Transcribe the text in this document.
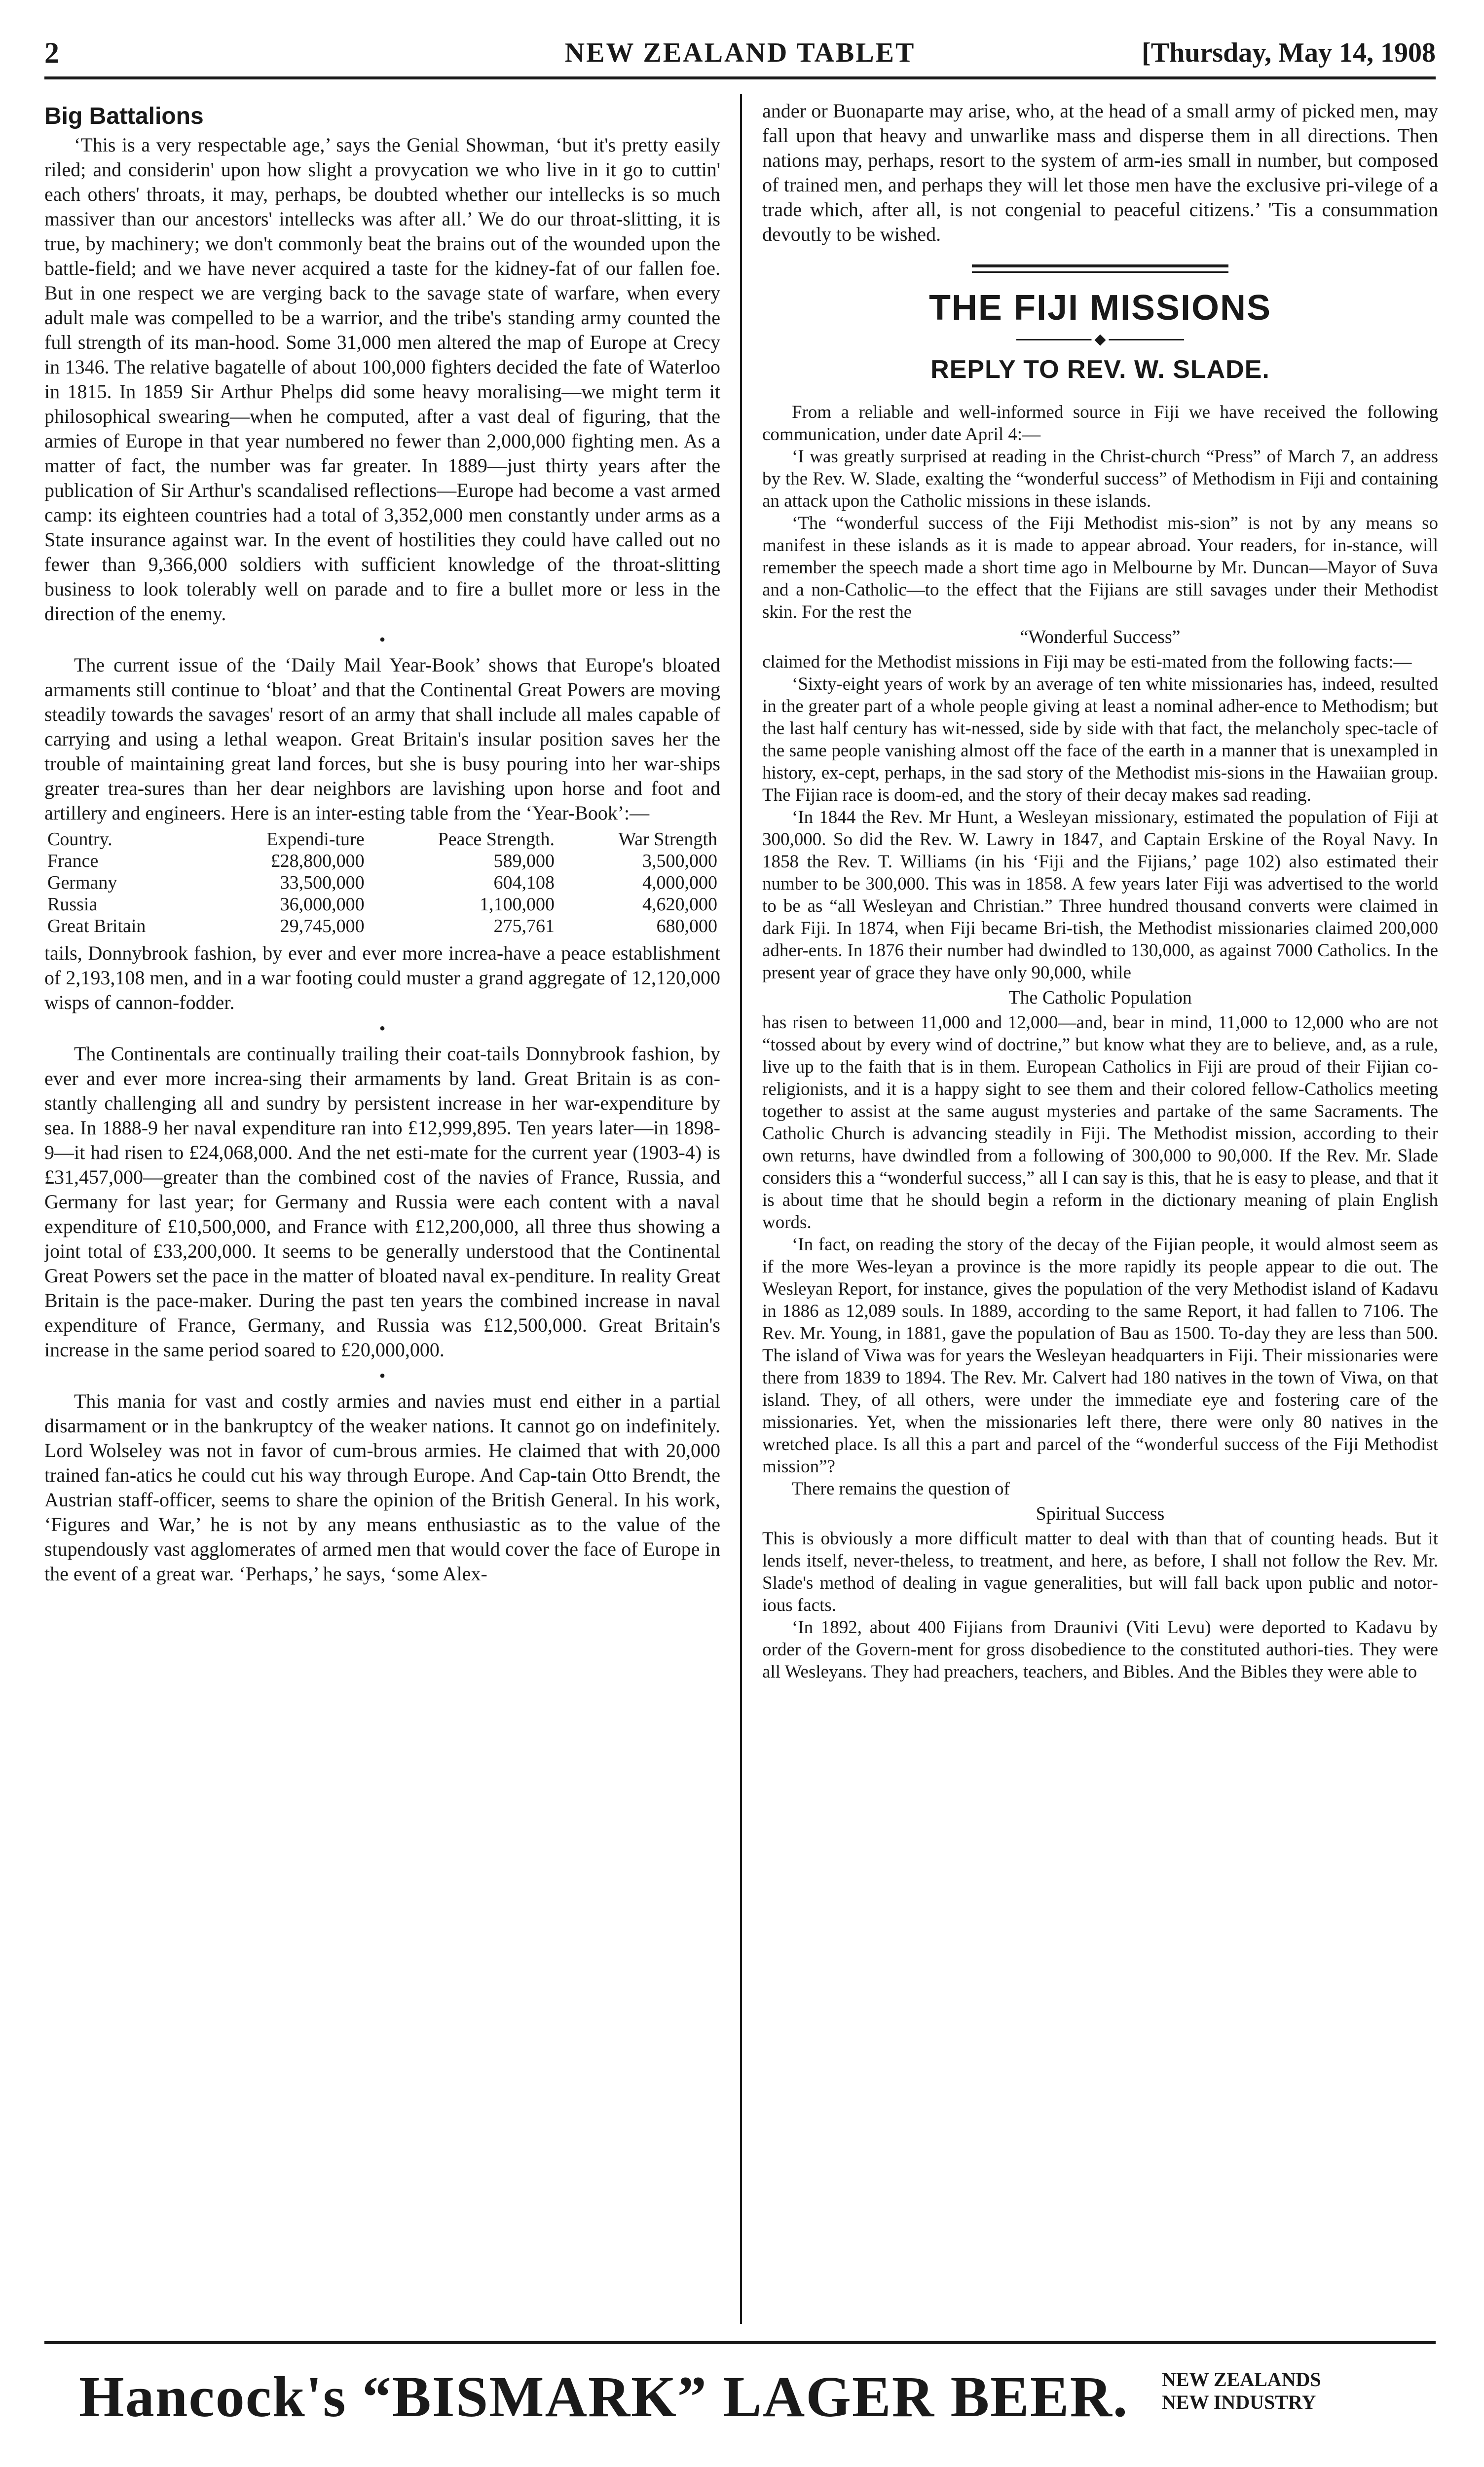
2	NEW ZEALAND TABLET	[Thursday, May 14, 1908
Big Battalions

‘This is a very respectable age,’ says the Genial Showman, ‘but it's pretty easily riled; and considerin' upon how slight a provycation we who live in it go to cuttin' each others' throats, it may, perhaps, be doubted whether our intellecks is so much massiver than our ancestors' intellecks was after all.’ We do our throat-slitting, it is true, by machinery; we don't commonly beat the brains out of the wounded upon the battle-field; and we have never acquired a taste for the kidney-fat of our fallen foe. But in one respect we are verging back to the savage state of warfare, when every adult male was compelled to be a warrior, and the tribe's standing army counted the full strength of its man-hood. Some 31,000 men altered the map of Europe at Crecy in 1346. The relative bagatelle of about 100,000 fighters decided the fate of Waterloo in 1815. In 1859 Sir Arthur Phelps did some heavy moralising—we might term it philosophical swearing—when he computed, after a vast deal of figuring, that the armies of Europe in that year numbered no fewer than 2,000,000 fighting men. As a matter of fact, the number was far greater. In 1889—just thirty years after the publication of Sir Arthur's scandalised reflections—Europe had become a vast armed camp: its eighteen countries had a total of 3,352,000 men constantly under arms as a State insurance against war. In the event of hostilities they could have called out no fewer than 9,366,000 soldiers with sufficient knowledge of the throat-slitting business to look tolerably well on parade and to fire a bullet more or less in the direction of the enemy.

•

The current issue of the ‘Daily Mail Year-Book’ shows that Europe's bloated armaments still continue to ‘bloat’ and that the Continental Great Powers are moving steadily towards the savages' resort of an army that shall include all males capable of carrying and using a lethal weapon. Great Britain's insular position saves her the trouble of maintaining great land forces, but she is busy pouring into her war-ships greater trea-sures than her dear neighbors are lavishing upon horse and foot and artillery and engineers. Here is an inter-esting table from the ‘Year-Book’:—

Country.	Expendi-ture	Peace Strength.	War Strength
France	£28,800,000	589,000	3,500,000
Germany	33,500,000	604,108	4,000,000
Russia	36,000,000	1,100,000	4,620,000
Great Britain	29,745,000	275,761	680,000

tails, Donnybrook fashion, by ever and ever more increa-have a peace establishment of 2,193,108 men, and in a war footing could muster a grand aggregate of 12,120,000 wisps of cannon-fodder.

•

The Continentals are continually trailing their coat-tails Donnybrook fashion, by ever and ever more increa-sing their armaments by land. Great Britain is as con-stantly challenging all and sundry by persistent increase in her war-expenditure by sea. In 1888-9 her naval expenditure ran into £12,999,895. Ten years later—in 1898-9—it had risen to £24,068,000. And the net esti-mate for the current year (1903-4) is £31,457,000—greater than the combined cost of the navies of France, Russia, and Germany for last year; for Germany and Russia were each content with a naval expenditure of £10,500,000, and France with £12,200,000, all three thus showing a joint total of £33,200,000. It seems to be generally understood that the Continental Great Powers set the pace in the matter of bloated naval ex-penditure. In reality Great Britain is the pace-maker. During the past ten years the combined increase in naval expenditure of France, Germany, and Russia was £12,500,000. Great Britain's increase in the same period soared to £20,000,000.

•

This mania for vast and costly armies and navies must end either in a partial disarmament or in the bankruptcy of the weaker nations. It cannot go on indefinitely. Lord Wolseley was not in favor of cum-brous armies. He claimed that with 20,000 trained fan-atics he could cut his way through Europe. And Cap-tain Otto Brendt, the Austrian staff-officer, seems to share the opinion of the British General. In his work, ‘Figures and War,’ he is not by any means enthusiastic as to the value of the stupendously vast agglomerates of armed men that would cover the face of Europe in the event of a great war. ‘Perhaps,’ he says, ‘some Alex-

ander or Buonaparte may arise, who, at the head of a small army of picked men, may fall upon that heavy and unwarlike mass and disperse them in all directions. Then nations may, perhaps, resort to the system of arm-ies small in number, but composed of trained men, and perhaps they will let those men have the exclusive pri-vilege of a trade which, after all, is not congenial to peaceful citizens.’ 'Tis a consummation devoutly to be wished.

THE FIJI MISSIONS
◆
REPLY TO REV. W. SLADE.

From a reliable and well-informed source in Fiji we have received the following communication, under date April 4:—

‘I was greatly surprised at reading in the Christ-church “Press” of March 7, an address by the Rev. W. Slade, exalting the “wonderful success” of Methodism in Fiji and containing an attack upon the Catholic missions in these islands.

‘The “wonderful success of the Fiji Methodist mis-sion” is not by any means so manifest in these islands as it is made to appear abroad. Your readers, for in-stance, will remember the speech made a short time ago in Melbourne by Mr. Duncan—Mayor of Suva and a non-Catholic—to the effect that the Fijians are still savages under their Methodist skin. For the rest the

“Wonderful Success”

claimed for the Methodist missions in Fiji may be esti-mated from the following facts:—

‘Sixty-eight years of work by an average of ten white missionaries has, indeed, resulted in the greater part of a whole people giving at least a nominal adher-ence to Methodism; but the last half century has wit-nessed, side by side with that fact, the melancholy spec-tacle of the same people vanishing almost off the face of the earth in a manner that is unexampled in history, ex-cept, perhaps, in the sad story of the Methodist mis-sions in the Hawaiian group. The Fijian race is doom-ed, and the story of their decay makes sad reading.

‘In 1844 the Rev. Mr Hunt, a Wesleyan missionary, estimated the population of Fiji at 300,000. So did the Rev. W. Lawry in 1847, and Captain Erskine of the Royal Navy. In 1858 the Rev. T. Williams (in his ‘Fiji and the Fijians,’ page 102) also estimated their number to be 300,000. This was in 1858. A few years later Fiji was advertised to the world to be as “all Wesleyan and Christian.” Three hundred thousand converts were claimed in dark Fiji. In 1874, when Fiji became Bri-tish, the Methodist missionaries claimed 200,000 adher-ents. In 1876 their number had dwindled to 130,000, as against 7000 Catholics. In the present year of grace they have only 90,000, while

The Catholic Population

has risen to between 11,000 and 12,000—and, bear in mind, 11,000 to 12,000 who are not “tossed about by every wind of doctrine,” but know what they are to believe, and, as a rule, live up to the faith that is in them. European Catholics in Fiji are proud of their Fijian co-religionists, and it is a happy sight to see them and their colored fellow-Catholics meeting together to assist at the same august mysteries and partake of the same Sacraments. The Catholic Church is advancing steadily in Fiji. The Methodist mission, according to their own returns, have dwindled from a following of 300,000 to 90,000. If the Rev. Mr. Slade considers this a “wonderful success,” all I can say is this, that he is easy to please, and that it is about time that he should begin a reform in the dictionary meaning of plain English words.

‘In fact, on reading the story of the decay of the Fijian people, it would almost seem as if the more Wes-leyan a province is the more rapidly its people appear to die out. The Wesleyan Report, for instance, gives the population of the very Methodist island of Kadavu in 1886 as 12,089 souls. In 1889, according to the same Report, it had fallen to 7106. The Rev. Mr. Young, in 1881, gave the population of Bau as 1500. To-day they are less than 500. The island of Viwa was for years the Wesleyan headquarters in Fiji. Their missionaries were there from 1839 to 1894. The Rev. Mr. Calvert had 180 natives in the town of Viwa, on that island. They, of all others, were under the immediate eye and fostering care of the missionaries. Yet, when the missionaries left there, there were only 80 natives in the wretched place. Is all this a part and parcel of the “wonderful success of the Fiji Methodist mission”?

There remains the question of

Spiritual Success

This is obviously a more difficult matter to deal with than that of counting heads. But it lends itself, never-theless, to treatment, and here, as before, I shall not follow the Rev. Mr. Slade's method of dealing in vague generalities, but will fall back upon public and notor-ious facts.

‘In 1892, about 400 Fijians from Draunivi (Viti Levu) were deported to Kadavu by order of the Govern-ment for gross disobedience to the constituted authori-ties. They were all Wesleyans. They had preachers, teachers, and Bibles. And the Bibles they were able to

Hancock's “BISMARK” LAGER BEER. NEW ZEALANDS
NEW INDUSTRY
